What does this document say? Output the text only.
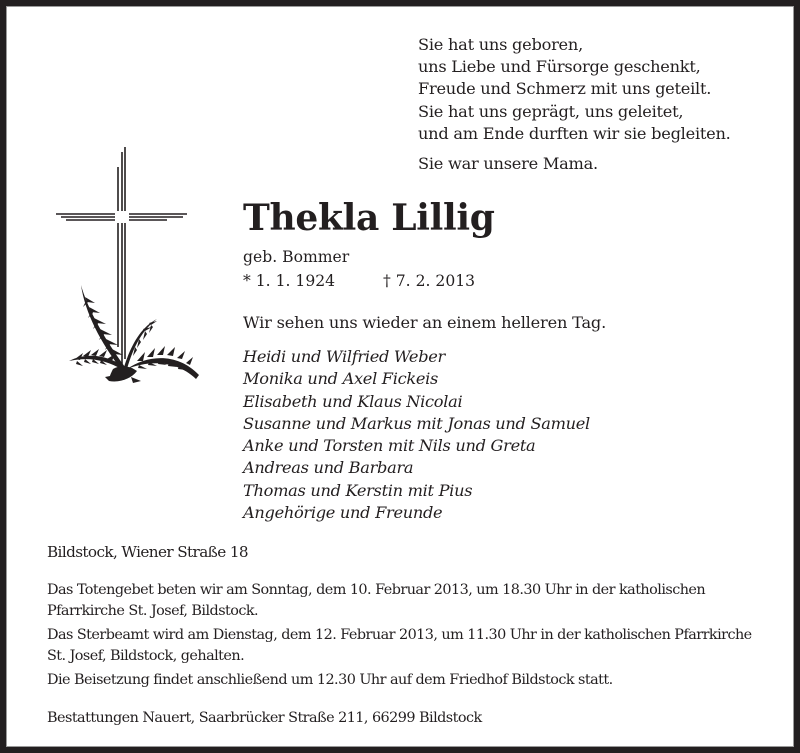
Sie hat uns geboren,
uns Liebe und Fürsorge geschenkt,
Freude und Schmerz mit uns geteilt.
Sie hat uns geprägt, uns geleitet,
und am Ende durften wir sie begleiten.
Sie war unsere Mama.
Thekla Lillig
geb. Bommer
* 1. 1. 1924	† 7. 2. 2013
Wir sehen uns wieder an einem helleren Tag.
Heidi und Wilfried Weber
Monika und Axel Fickeis
Elisabeth und Klaus Nicolai
Susanne und Markus mit Jonas und Samuel
Anke und Torsten mit Nils und Greta
Andreas und Barbara
Thomas und Kerstin mit Pius
Angehörige und Freunde
Bildstock, Wiener Straße 18

Das Totengebet beten wir am Sonntag, dem 10. Februar 2013, um 18.30 Uhr in der katholischen Pfarrkirche St. Josef, Bildstock.

Das Sterbeamt wird am Dienstag, dem 12. Februar 2013, um 11.30 Uhr in der katholischen Pfarrkirche St. Josef, Bildstock, gehalten.

Die Beisetzung findet anschließend um 12.30 Uhr auf dem Friedhof Bildstock statt.

Bestattungen Nauert, Saarbrücker Straße 211, 66299 Bildstock
